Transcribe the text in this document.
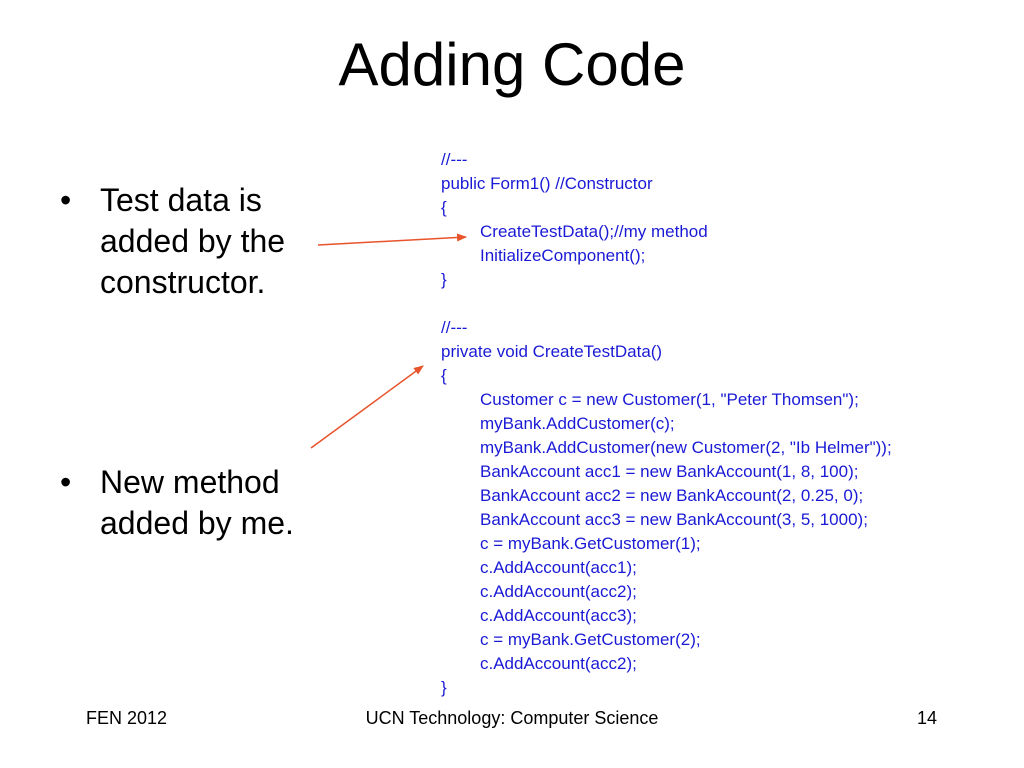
Adding Code
• Test data is added by the constructor.
• New method added by me.
//---
public Form1() //Constructor
{
CreateTestData();//my method
InitializeComponent();
}
//---
private void CreateTestData()
{
Customer c = new Customer(1, "Peter Thomsen");
myBank.AddCustomer(c);
myBank.AddCustomer(new Customer(2, "Ib Helmer"));
BankAccount acc1 = new BankAccount(1, 8, 100);
BankAccount acc2 = new BankAccount(2, 0.25, 0);
BankAccount acc3 = new BankAccount(3, 5, 1000);
c = myBank.GetCustomer(1);
c.AddAccount(acc1);
c.AddAccount(acc2);
c.AddAccount(acc3);
c = myBank.GetCustomer(2);
c.AddAccount(acc2);
}
FEN 2012	UCN Technology: Computer Science	14
